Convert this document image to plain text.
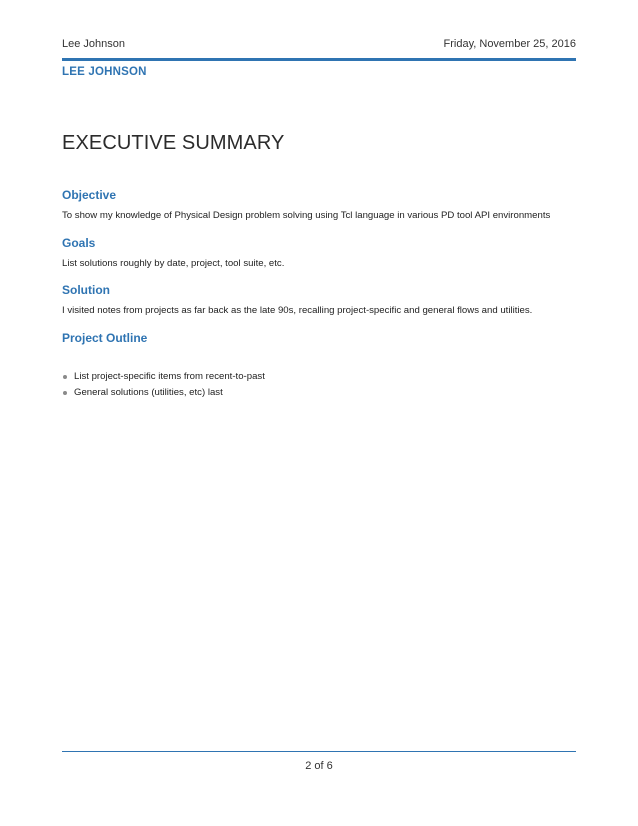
Lee Johnson	Friday, November 25, 2016
LEE JOHNSON
EXECUTIVE SUMMARY
Objective
To show my knowledge of Physical Design problem solving using Tcl language in various PD tool API environments
Goals
List solutions roughly by date, project, tool suite, etc.
Solution
I visited notes from projects as far back as the late 90s, recalling project-specific and general flows and utilities.
Project Outline
List project-specific items from recent-to-past
General solutions (utilities, etc) last
2 of 6
